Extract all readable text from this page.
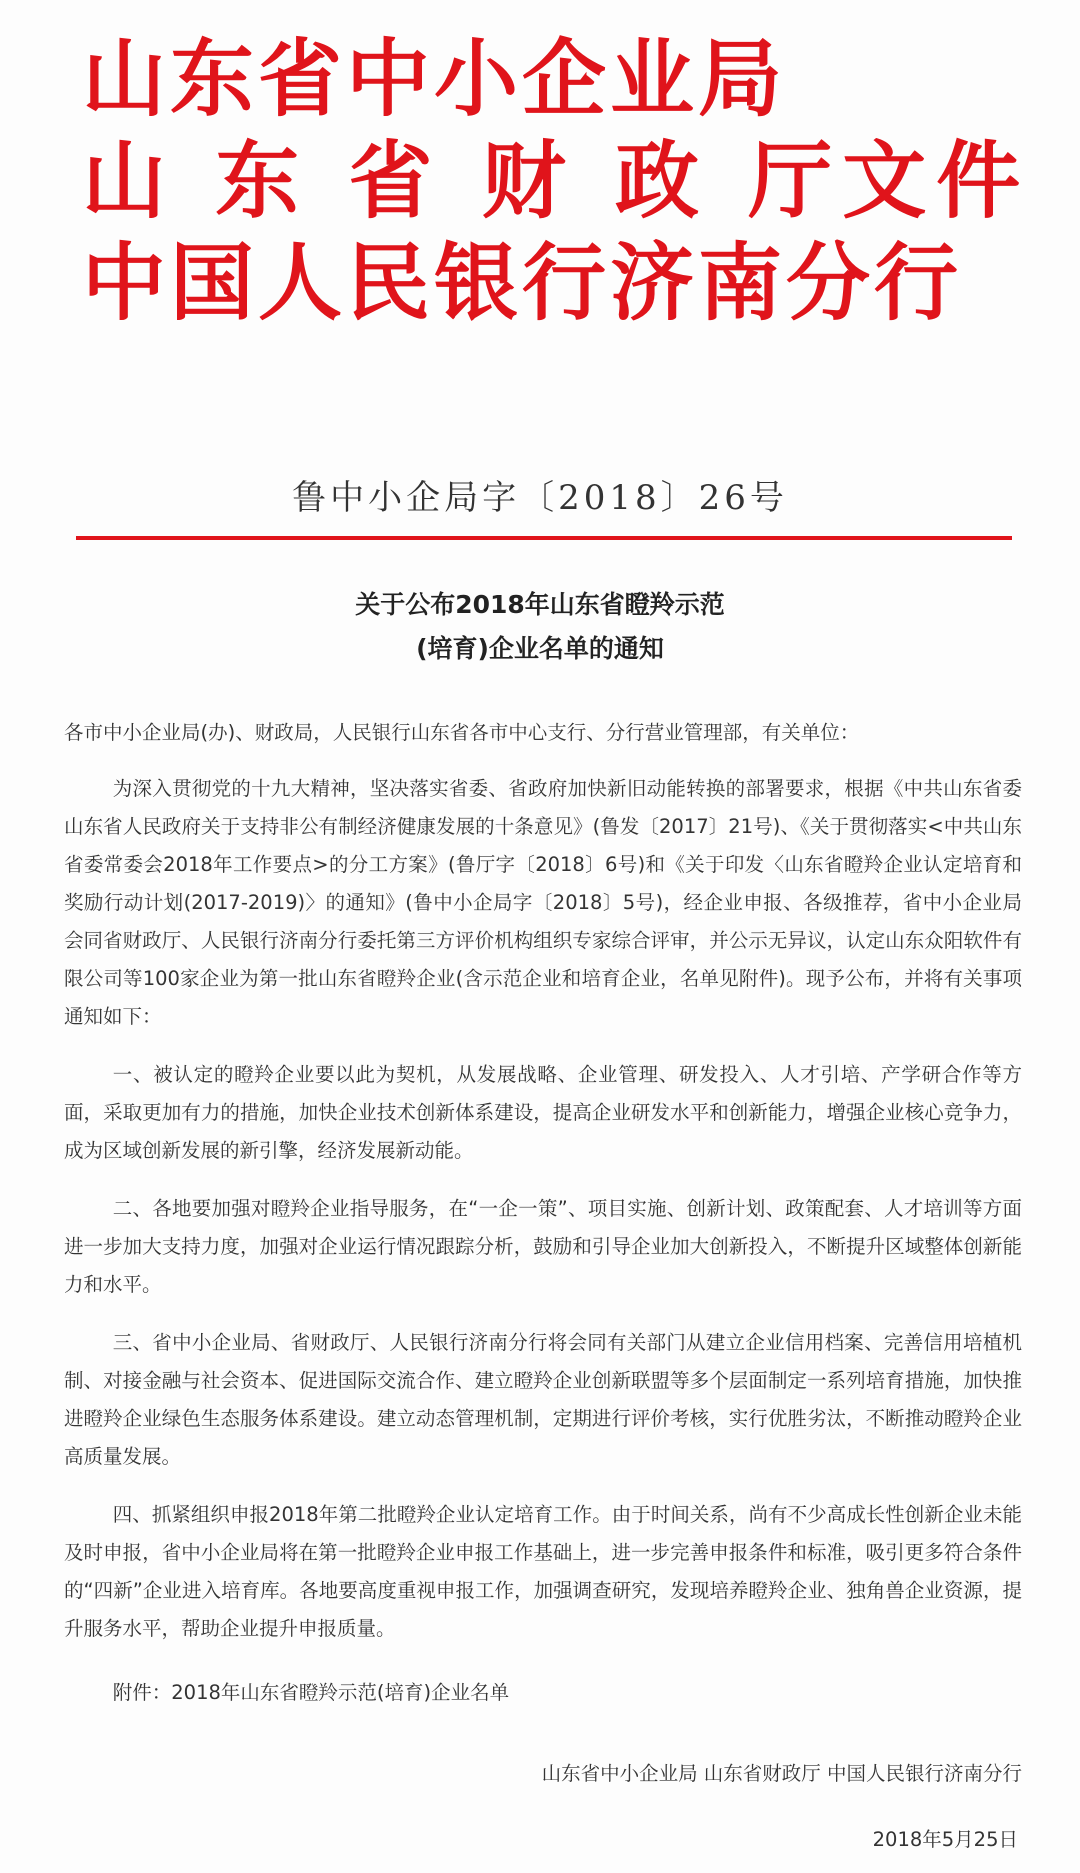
山东省中小企业局
山 东 省 财 政 厅文件
中国人民银行济南分行
鲁中小企局字〔2018〕26号
关于公布2018年山东省瞪羚示范
(培育)企业名单的通知

各市中小企业局(办)、财政局，人民银行山东省各市中心支行、分行营业管理部，有关单位：

为深入贯彻党的十九大精神，坚决落实省委、省政府加快新旧动能转换的部署要求，根据《中共山东省委 山东省人民政府关于支持非公有制经济健康发展的十条意见》(鲁发〔2017〕21号)、《关于贯彻落实<中共山东省委常委会2018年工作要点>的分工方案》(鲁厅字〔2018〕6号)和《关于印发〈山东省瞪羚企业认定培育和奖励行动计划(2017-2019)〉的通知》(鲁中小企局字〔2018〕5号)，经企业申报、各级推荐，省中小企业局会同省财政厅、人民银行济南分行委托第三方评价机构组织专家综合评审，并公示无异议，认定山东众阳软件有限公司等100家企业为第一批山东省瞪羚企业(含示范企业和培育企业，名单见附件)。现予公布，并将有关事项通知如下：

一、被认定的瞪羚企业要以此为契机，从发展战略、企业管理、研发投入、人才引培、产学研合作等方面，采取更加有力的措施，加快企业技术创新体系建设，提高企业研发水平和创新能力，增强企业核心竞争力，成为区域创新发展的新引擎，经济发展新动能。

二、各地要加强对瞪羚企业指导服务，在“一企一策”、项目实施、创新计划、政策配套、人才培训等方面进一步加大支持力度，加强对企业运行情况跟踪分析，鼓励和引导企业加大创新投入，不断提升区域整体创新能力和水平。

三、省中小企业局、省财政厅、人民银行济南分行将会同有关部门从建立企业信用档案、完善信用培植机制、对接金融与社会资本、促进国际交流合作、建立瞪羚企业创新联盟等多个层面制定一系列培育措施，加快推进瞪羚企业绿色生态服务体系建设。建立动态管理机制，定期进行评价考核，实行优胜劣汰，不断推动瞪羚企业高质量发展。

四、抓紧组织申报2018年第二批瞪羚企业认定培育工作。由于时间关系，尚有不少高成长性创新企业未能及时申报，省中小企业局将在第一批瞪羚企业申报工作基础上，进一步完善申报条件和标准，吸引更多符合条件的“四新”企业进入培育库。各地要高度重视申报工作，加强调查研究，发现培养瞪羚企业、独角兽企业资源，提升服务水平，帮助企业提升申报质量。

附件：2018年山东省瞪羚示范(培育)企业名单

山东省中小企业局 山东省财政厅 中国人民银行济南分行
2018年5月25日
